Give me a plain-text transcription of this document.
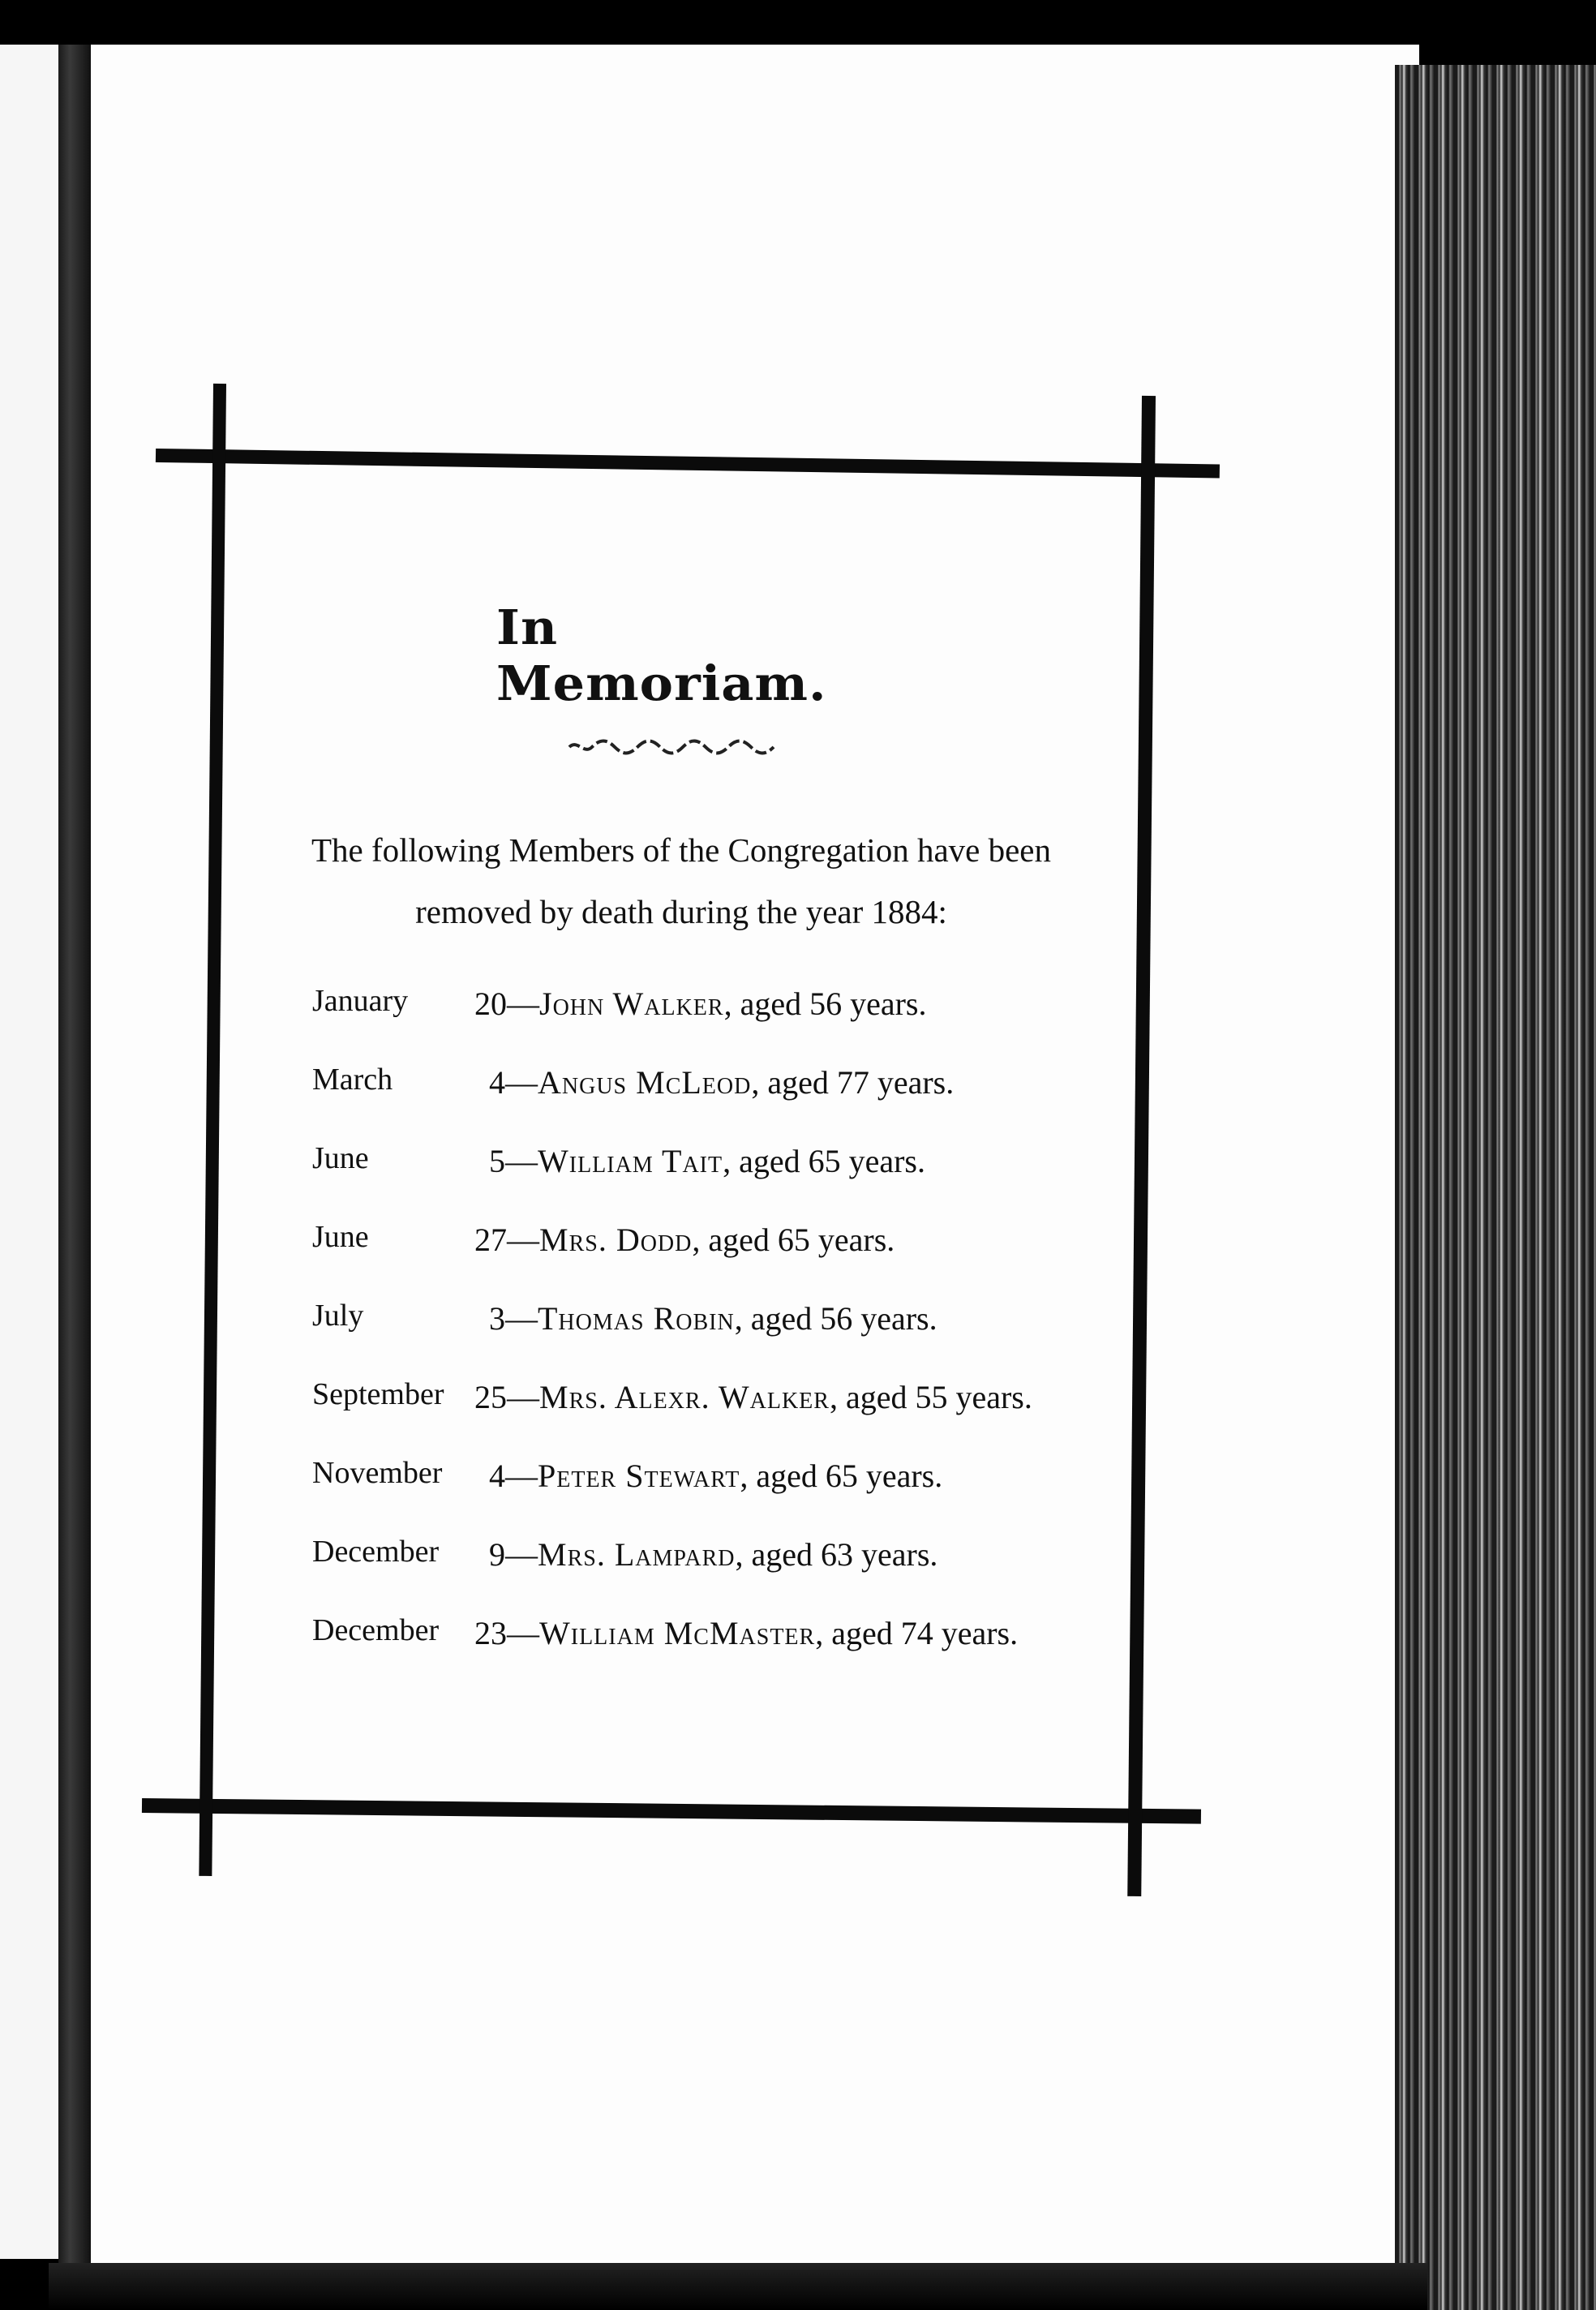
In Memoriam.
The following Members of the Congregation have been
removed by death during the year 1884:
January	20—John Walker, aged 56 years.
March	4—Angus McLeod, aged 77 years.
June	5—William Tait, aged 65 years.
June	27—Mrs. Dodd, aged 65 years.
July	3—Thomas Robin, aged 56 years.
September 25—Mrs. Alexr. Walker, aged 55 years.
November	4—Peter Stewart, aged 65 years.
December	9—Mrs. Lampard, aged 63 years.
December	23—William McMaster, aged 74 years.
